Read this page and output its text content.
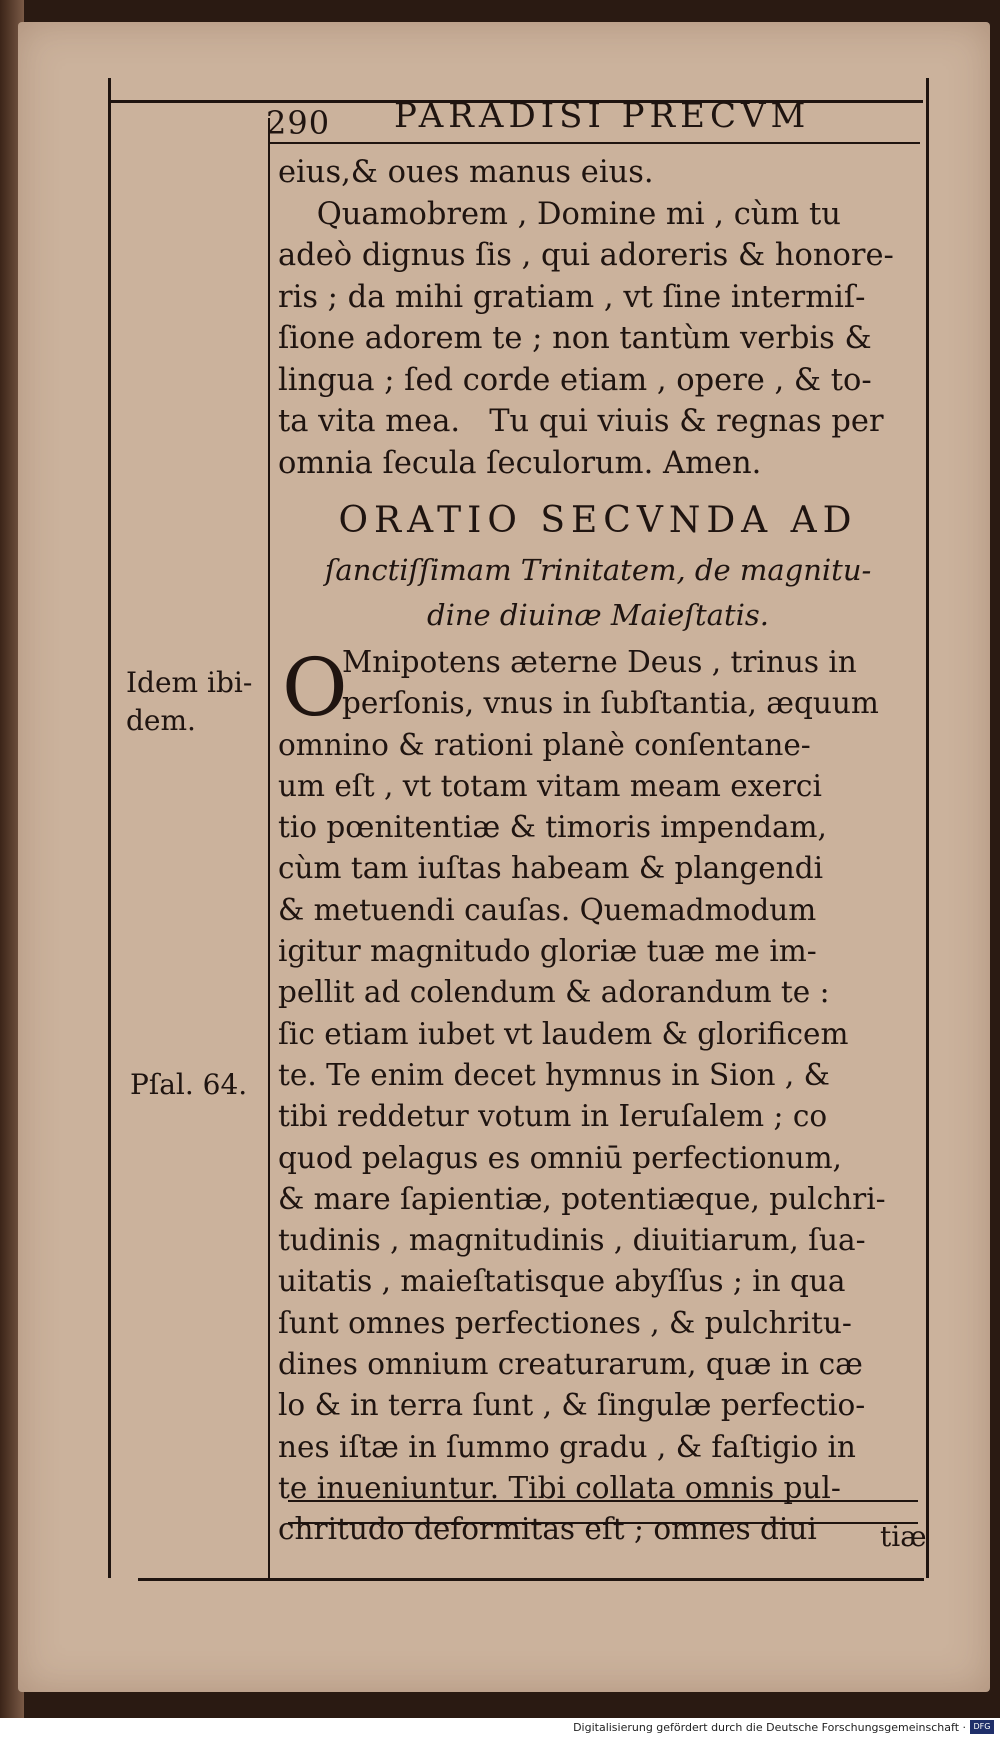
290 PARADISI PRECVM
eius,& oues manus eius.
Quamobrem , Domine mi , cùm tu
adeò dignus ſis , qui adoreris & honore-
ris ; da mihi gratiam , vt ſine intermiſ-
ſione adorem te ; non tantùm verbis &
lingua ; ſed corde etiam , opere , & to-
ta vita mea.   Tu qui viuis & regnas per
omnia ſecula ſeculorum. Amen.
ORATIO SECVNDA AD
ſanctiſſimam Trinitatem, de magnitu-
dine diuinæ Maieſtatis.
O
Mnipotens æterne Deus , trinus in
perſonis, vnus in ſubſtantia, æquum
omnino & rationi planè conſentane-
um eſt , vt totam vitam meam exerci
tio pœnitentiæ & timoris impendam,
cùm tam iuſtas habeam & plangendi
& metuendi cauſas. Quemadmodum
igitur magnitudo gloriæ tuæ me im-
pellit ad colendum & adorandum te :
ſic etiam iubet vt laudem & glorificem
te. Te enim decet hymnus in Sion , &
tibi reddetur votum in Ieruſalem ; co
quod pelagus es omniū perfectionum,
& mare ſapientiæ, potentiæque, pulchri-
tudinis , magnitudinis , diuitiarum, ſua-
uitatis , maieſtatisque abyſſus ; in qua
ſunt omnes perfectiones , & pulchritu-
dines omnium creaturarum, quæ in cæ
lo & in terra ſunt , & ſingulæ perfectio-
nes iſtæ in ſummo gradu , & faſtigio in
te inueniuntur. Tibi collata omnis pul-
chritudo deformitas eſt ; omnes diui
Idem ibi-
dem.
Pſal. 64.
tiæ
Digitalisierung gefördert durch die Deutsche Forschungsgemeinschaft · DFG
